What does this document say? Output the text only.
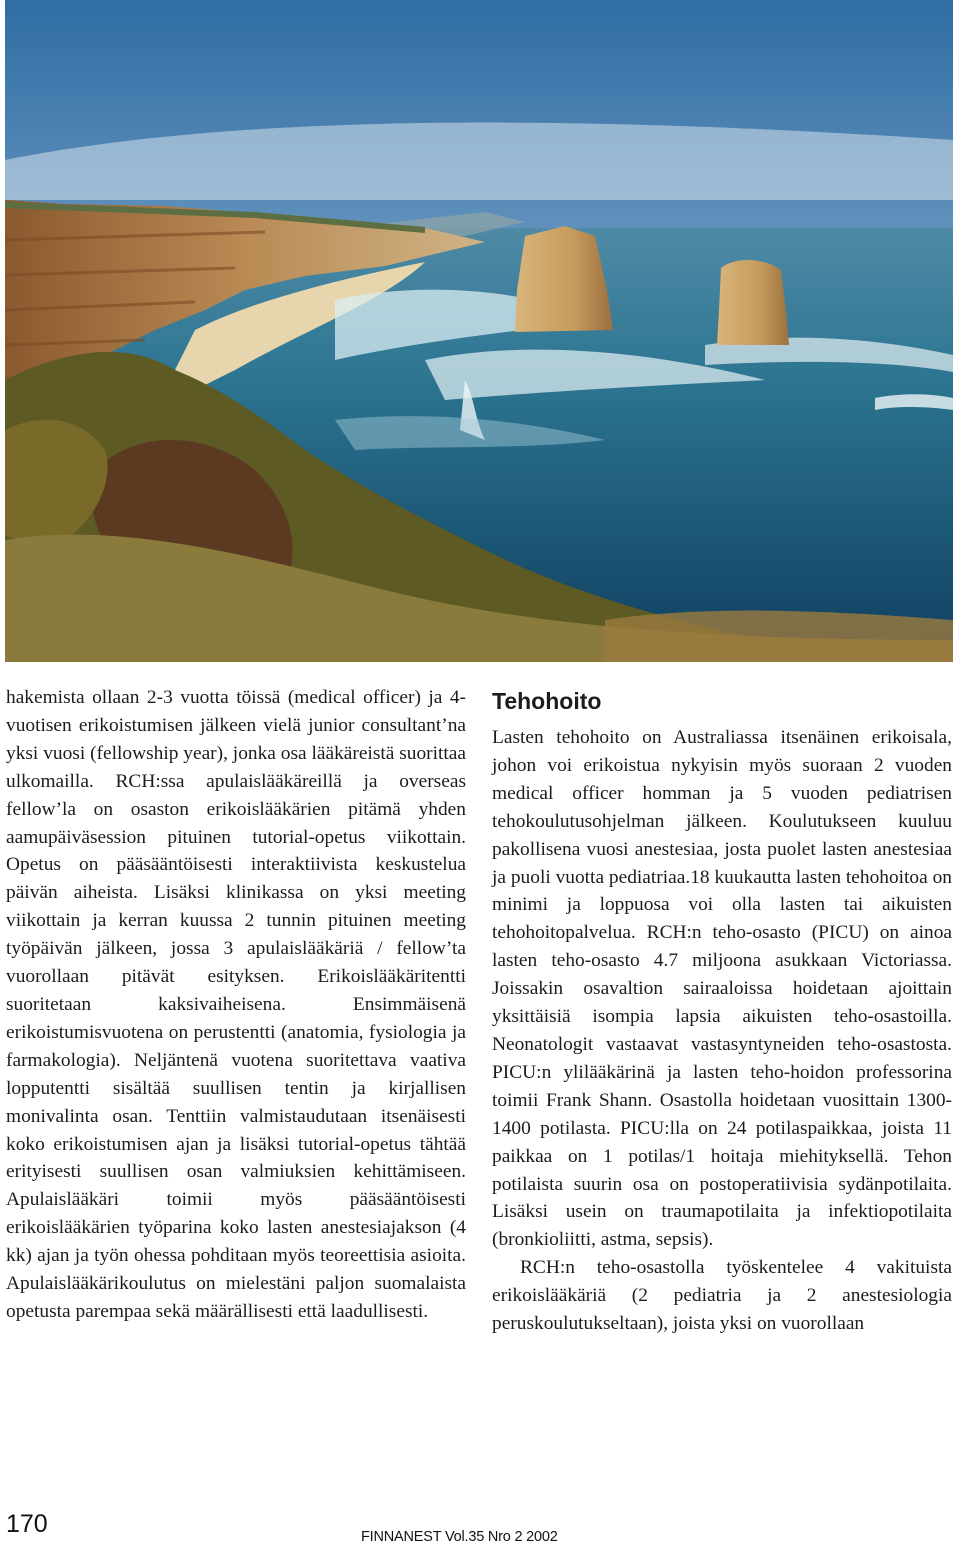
hakemista ollaan 2-3 vuotta töissä (medical officer) ja 4-vuotisen erikoistumisen jälkeen vielä junior consultant’na yksi vuosi (fellowship year), jonka osa lääkäreistä suorittaa ulkomailla. RCH:ssa apulaislääkäreillä ja overseas fellow’la on osaston erikoislääkärien pitämä yhden aamupäiväsession pituinen tutorial-opetus viikottain. Opetus on pääsääntöisesti interaktiivista keskustelua päivän aiheista. Lisäksi klinikassa on yksi meeting viikottain ja kerran kuussa 2 tunnin pituinen meeting työpäivän jälkeen, jossa 3 apulaislääkäriä / fellow’ta vuorollaan pitävät esityksen. Erikoislääkäritentti suoritetaan kaksivaiheisena. Ensimmäisenä erikoistumisvuotena on perustentti (anatomia, fysiologia ja farmakologia). Neljäntenä vuotena suoritettava vaativa lopputentti sisältää suullisen tentin ja kirjallisen monivalinta osan. Tenttiin valmistaudutaan itsenäisesti koko erikoistumisen ajan ja lisäksi tutorial-opetus tähtää erityisesti suullisen osan valmiuksien kehittämiseen. Apulaislääkäri toimii myös pääsääntöisesti erikoislääkärien työparina koko lasten anestesiajakson (4 kk) ajan ja työn ohessa pohditaan myös teoreettisia asioita. Apulaislääkärikoulutus on mielestäni paljon suomalaista opetusta parempaa sekä määrällisesti että laadullisesti.

Tehohoito

Lasten tehohoito on Australiassa itsenäinen erikoisala, johon voi erikoistua nykyisin myös suoraan 2 vuoden medical officer homman ja 5 vuoden pediatrisen tehokoulutusohjelman jälkeen. Koulutukseen kuuluu pakollisena vuosi anestesiaa, josta puolet lasten anestesiaa ja puoli vuotta pediatriaa.18 kuukautta lasten tehohoitoa on minimi ja loppuosa voi olla lasten tai aikuisten tehohoitopalvelua. RCH:n teho-osasto (PICU) on ainoa lasten teho-osasto 4.7 miljoona asukkaan Victoriassa. Joissakin osavaltion sairaaloissa hoidetaan ajoittain yksittäisiä isompia lapsia aikuisten teho-osastoilla. Neonatologit vastaavat vastasyntyneiden teho-osastosta. PICU:n ylilääkärinä ja lasten teho-hoidon professorina toimii Frank Shann. Osastolla hoidetaan vuosittain 1300-1400 potilasta. PICU:lla on 24 potilaspaikkaa, joista 11 paikkaa on 1 potilas/1 hoitaja miehityksellä. Tehon potilaista suurin osa on postoperatiivisia sydänpotilaita. Lisäksi usein on traumapotilaita ja infektiopotilaita (bronkioliitti, astma, sepsis).

RCH:n teho-osastolla työskentelee 4 vakituista erikoislääkäriä (2 pediatria ja 2 anestesiologia peruskoulutukseltaan), joista yksi on vuorollaan

170	FINNANEST Vol.35 Nro 2 2002
